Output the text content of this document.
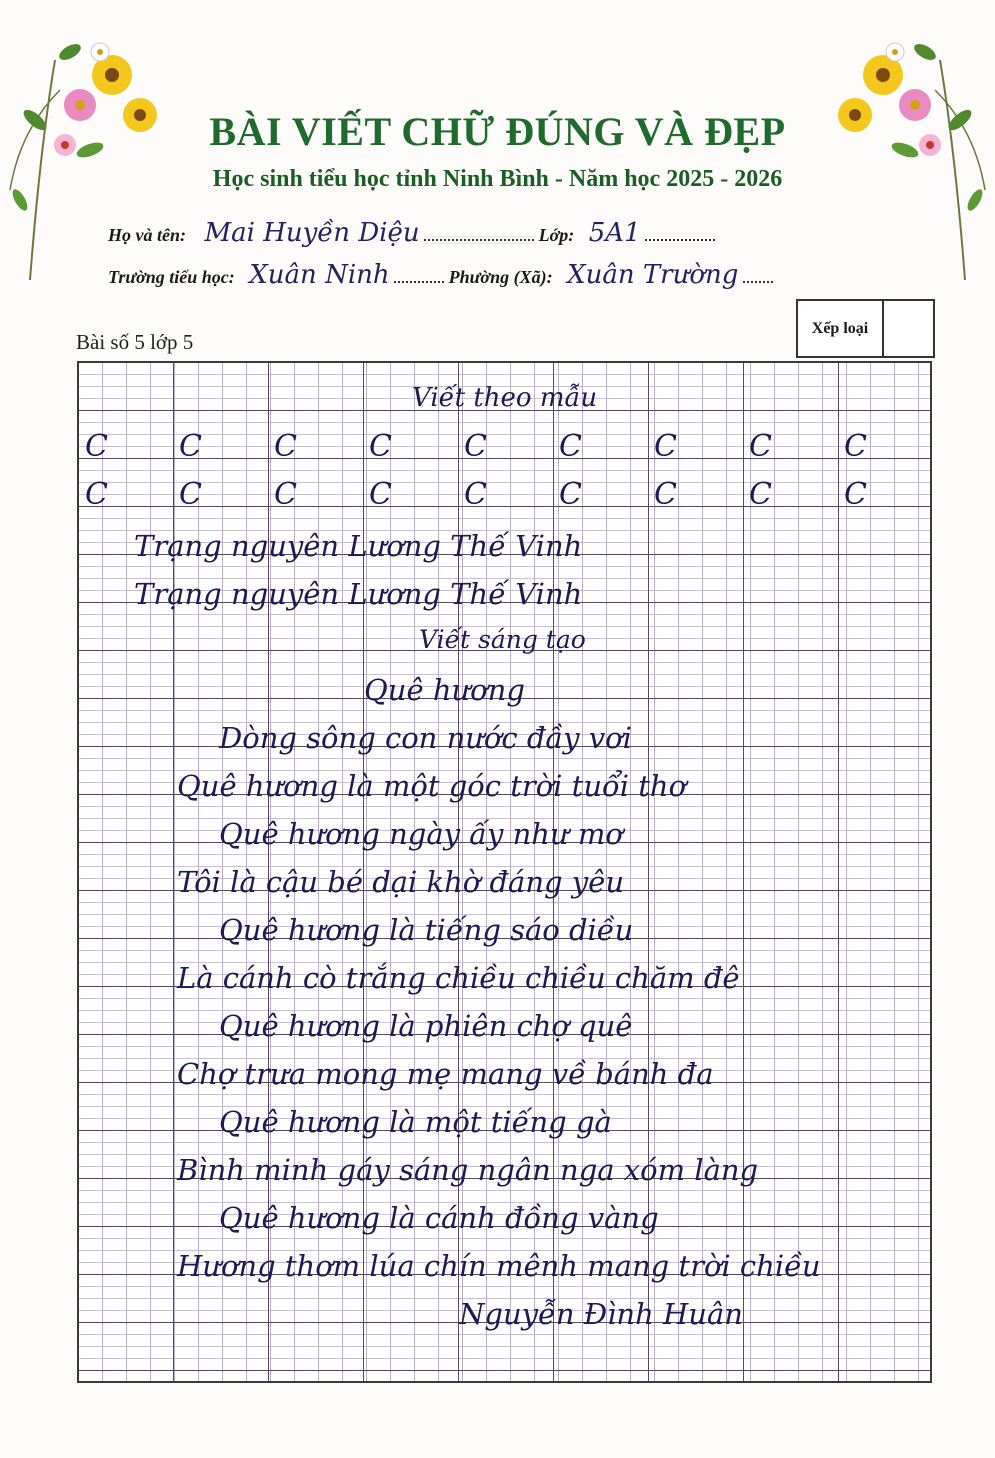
BÀI VIẾT CHỮ ĐÚNG VÀ ĐẸP
Học sinh tiểu học tỉnh Ninh Bình - Năm học 2025 - 2026
Họ và tên: Mai Huyền Diệu	Lớp: 5A1
Trường tiểu học: Xuân Ninh	Phường (Xã): Xuân Trường
Bài số 5 lớp 5
Xếp loại
Viết theo mẫu
C C C C C C C C C
C C C C C C C C C
Trạng nguyên Lương Thế Vinh
Trạng nguyên Lương Thế Vinh
Viết sáng tạo
Quê hương
Dòng sông con nước đầy vơi
Quê hương là một góc trời tuổi thơ
Quê hương ngày ấy như mơ
Tôi là cậu bé dại khờ đáng yêu
Quê hương là tiếng sáo diều
Là cánh cò trắng chiều chiều chăm đê
Quê hương là phiên chợ quê
Chợ trưa mong mẹ mang về bánh đa
Quê hương là một tiếng gà
Bình minh gáy sáng ngân nga xóm làng
Quê hương là cánh đồng vàng
Hương thơm lúa chín mênh mang trời chiều
Nguyễn Đình Huân
